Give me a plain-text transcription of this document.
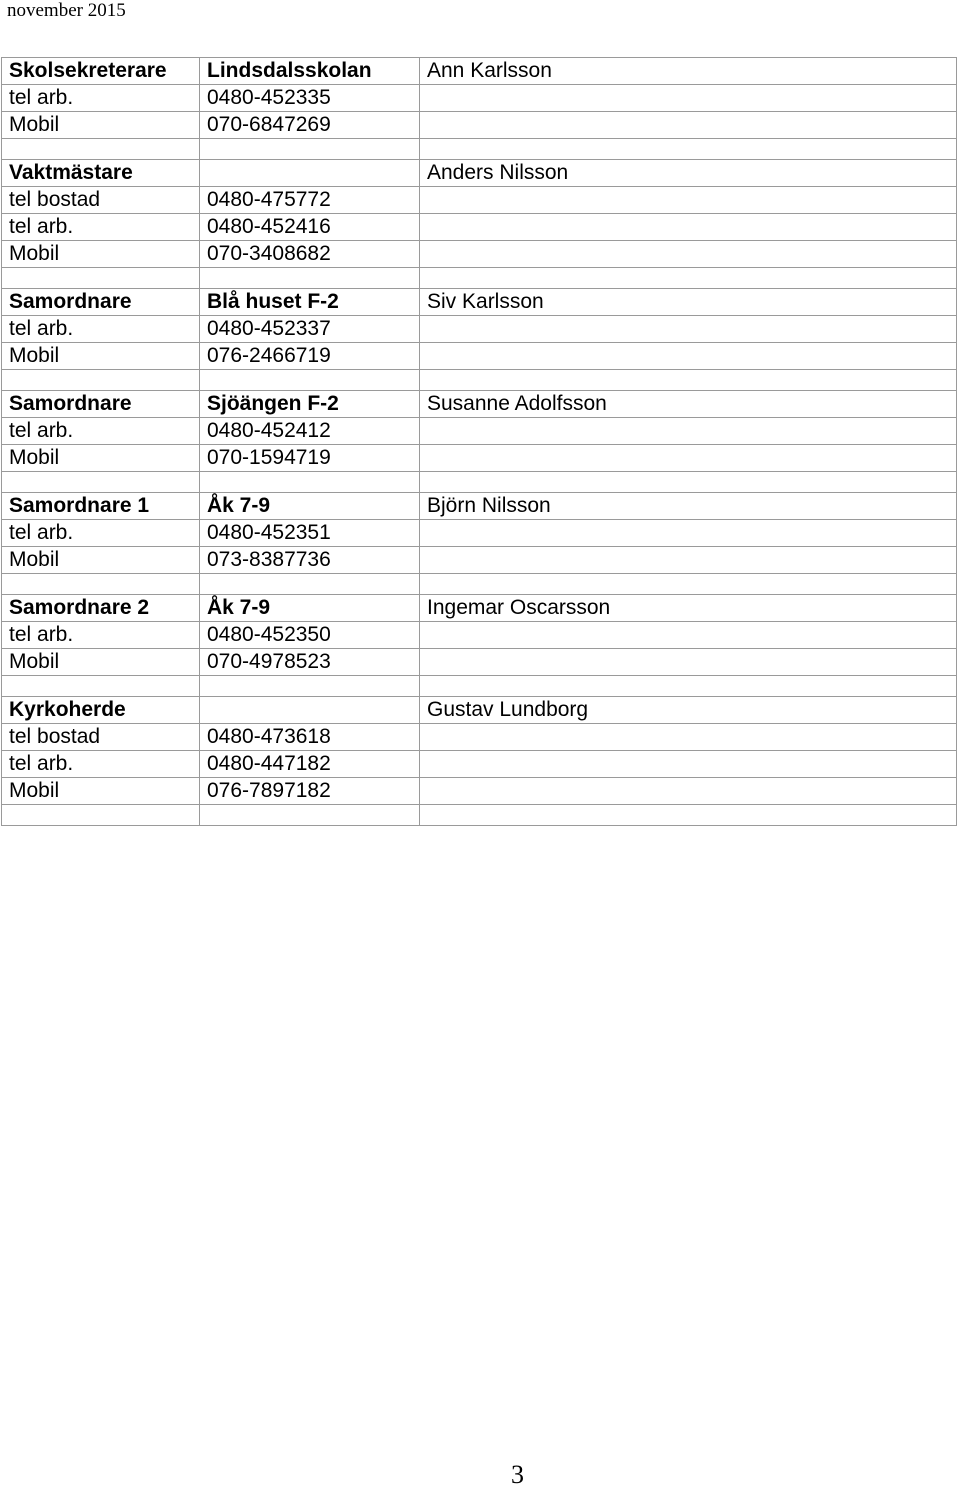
november 2015
Skolsekreterare	Lindsdalsskolan	Ann Karlsson
tel arb.	0480-452335	
Mobil	070-6847269	

Vaktmästare		Anders Nilsson
tel bostad	0480-475772	
tel arb.	0480-452416	
Mobil	070-3408682	

Samordnare	Blå huset F-2	Siv Karlsson
tel arb.	0480-452337	
Mobil	076-2466719	

Samordnare	Sjöängen F-2	Susanne Adolfsson
tel arb.	0480-452412	
Mobil	070-1594719	

Samordnare 1	Åk 7-9	Björn Nilsson
tel arb.	0480-452351	
Mobil	073-8387736	

Samordnare 2	Åk 7-9	Ingemar Oscarsson
tel arb.	0480-452350	
Mobil	070-4978523	

Kyrkoherde		Gustav Lundborg
tel bostad	0480-473618	
tel arb.	0480-447182	
Mobil	076-7897182	

3
